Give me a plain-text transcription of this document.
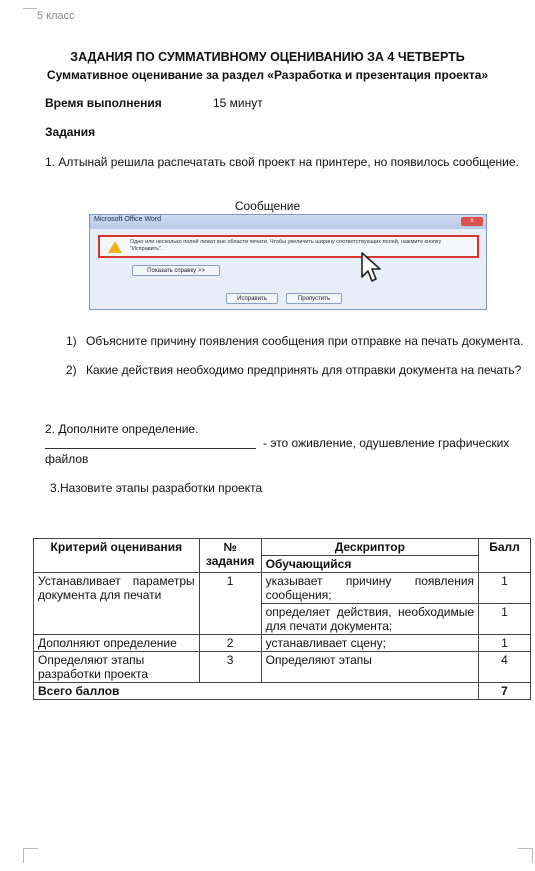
5 класс
ЗАДАНИЯ ПО СУММАТИВНОМУ ОЦЕНИВАНИЮ ЗА 4 ЧЕТВЕРТЬ
Суммативное оценивание за раздел «Разработка и презентация проекта»
Время выполнения	15 минут
Задания
1. Алтынай решила распечатать свой проект на принтере, но появилось сообщение.
Сообщение
Microsoft Office Word	x
Одно или несколько полей лежат вне области печати. Чтобы увеличить ширину соответствующих полей, нажмите кнопку "Исправить".
Показать справку >>
Исправить	Пропустить
1) Объясните причину появления сообщения при отправке на печать документа.
2) Какие действия необходимо предпринять для отправки документа на печать?
2. Дополните определение.
- это оживление, одушевление графических
файлов
3.Назовите этапы разработки проекта
Критерий оценивания	№ задания	Дескриптор	Балл
		Обучающийся	
Устанавливает параметры документа для печати	1	указывает причину появления сообщения;	1
		определяет действия, необходимые для печати документа;	1
Дополняют определение	2	устанавливает сцену;	1
Определяют этапы разработки проекта	3	Определяют этапы	4
Всего баллов			7
